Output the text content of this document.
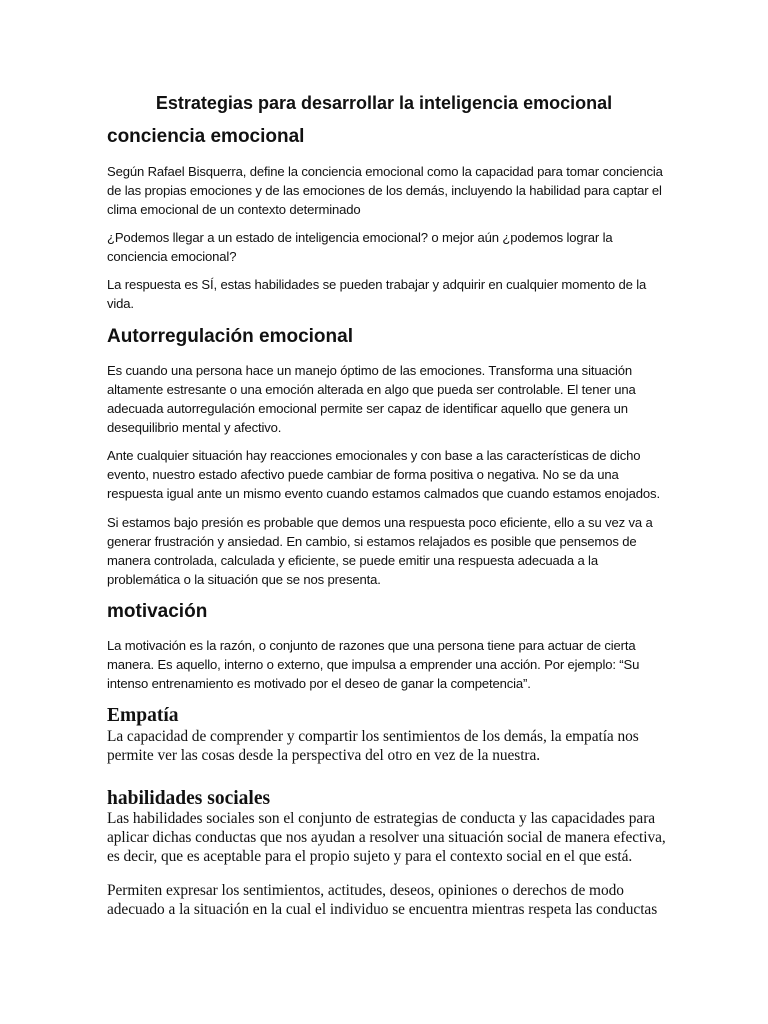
Estrategias para desarrollar la inteligencia emocional
conciencia emocional

Según Rafael Bisquerra, define la conciencia emocional como la capacidad para tomar conciencia de las propias emociones y de las emociones de los demás, incluyendo la habilidad para captar el clima emocional de un contexto determinado

¿Podemos llegar a un estado de inteligencia emocional? o mejor aún ¿podemos lograr la conciencia emocional?

La respuesta es SÍ, estas habilidades se pueden trabajar y adquirir en cualquier momento de la vida.

Autorregulación emocional

Es cuando una persona hace un manejo óptimo de las emociones. Transforma una situación altamente estresante o una emoción alterada en algo que pueda ser controlable. El tener una adecuada autorregulación emocional permite ser capaz de identificar aquello que genera un desequilibrio mental y afectivo.

Ante cualquier situación hay reacciones emocionales y con base a las características de dicho evento, nuestro estado afectivo puede cambiar de forma positiva o negativa. No se da una respuesta igual ante un mismo evento cuando estamos calmados que cuando estamos enojados.

Si estamos bajo presión es probable que demos una respuesta poco eficiente, ello a su vez va a generar frustración y ansiedad. En cambio, si estamos relajados es posible que pensemos de manera controlada, calculada y eficiente, se puede emitir una respuesta adecuada a la problemática o la situación que se nos presenta.

motivación

La motivación es la razón, o conjunto de razones que una persona tiene para actuar de cierta manera. Es aquello, interno o externo, que impulsa a emprender una acción. Por ejemplo: “Su intenso entrenamiento es motivado por el deseo de ganar la competencia”.

Empatía

La capacidad de comprender y compartir los sentimientos de los demás, la empatía nos permite ver las cosas desde la perspectiva del otro en vez de la nuestra.

habilidades sociales

Las habilidades sociales son el conjunto de estrategias de conducta y las capacidades para aplicar dichas conductas que nos ayudan a resolver una situación social de manera efectiva, es decir, que es aceptable para el propio sujeto y para el contexto social en el que está.

Permiten expresar los sentimientos, actitudes, deseos, opiniones o derechos de modo adecuado a la situación en la cual el individuo se encuentra mientras respeta las conductas
